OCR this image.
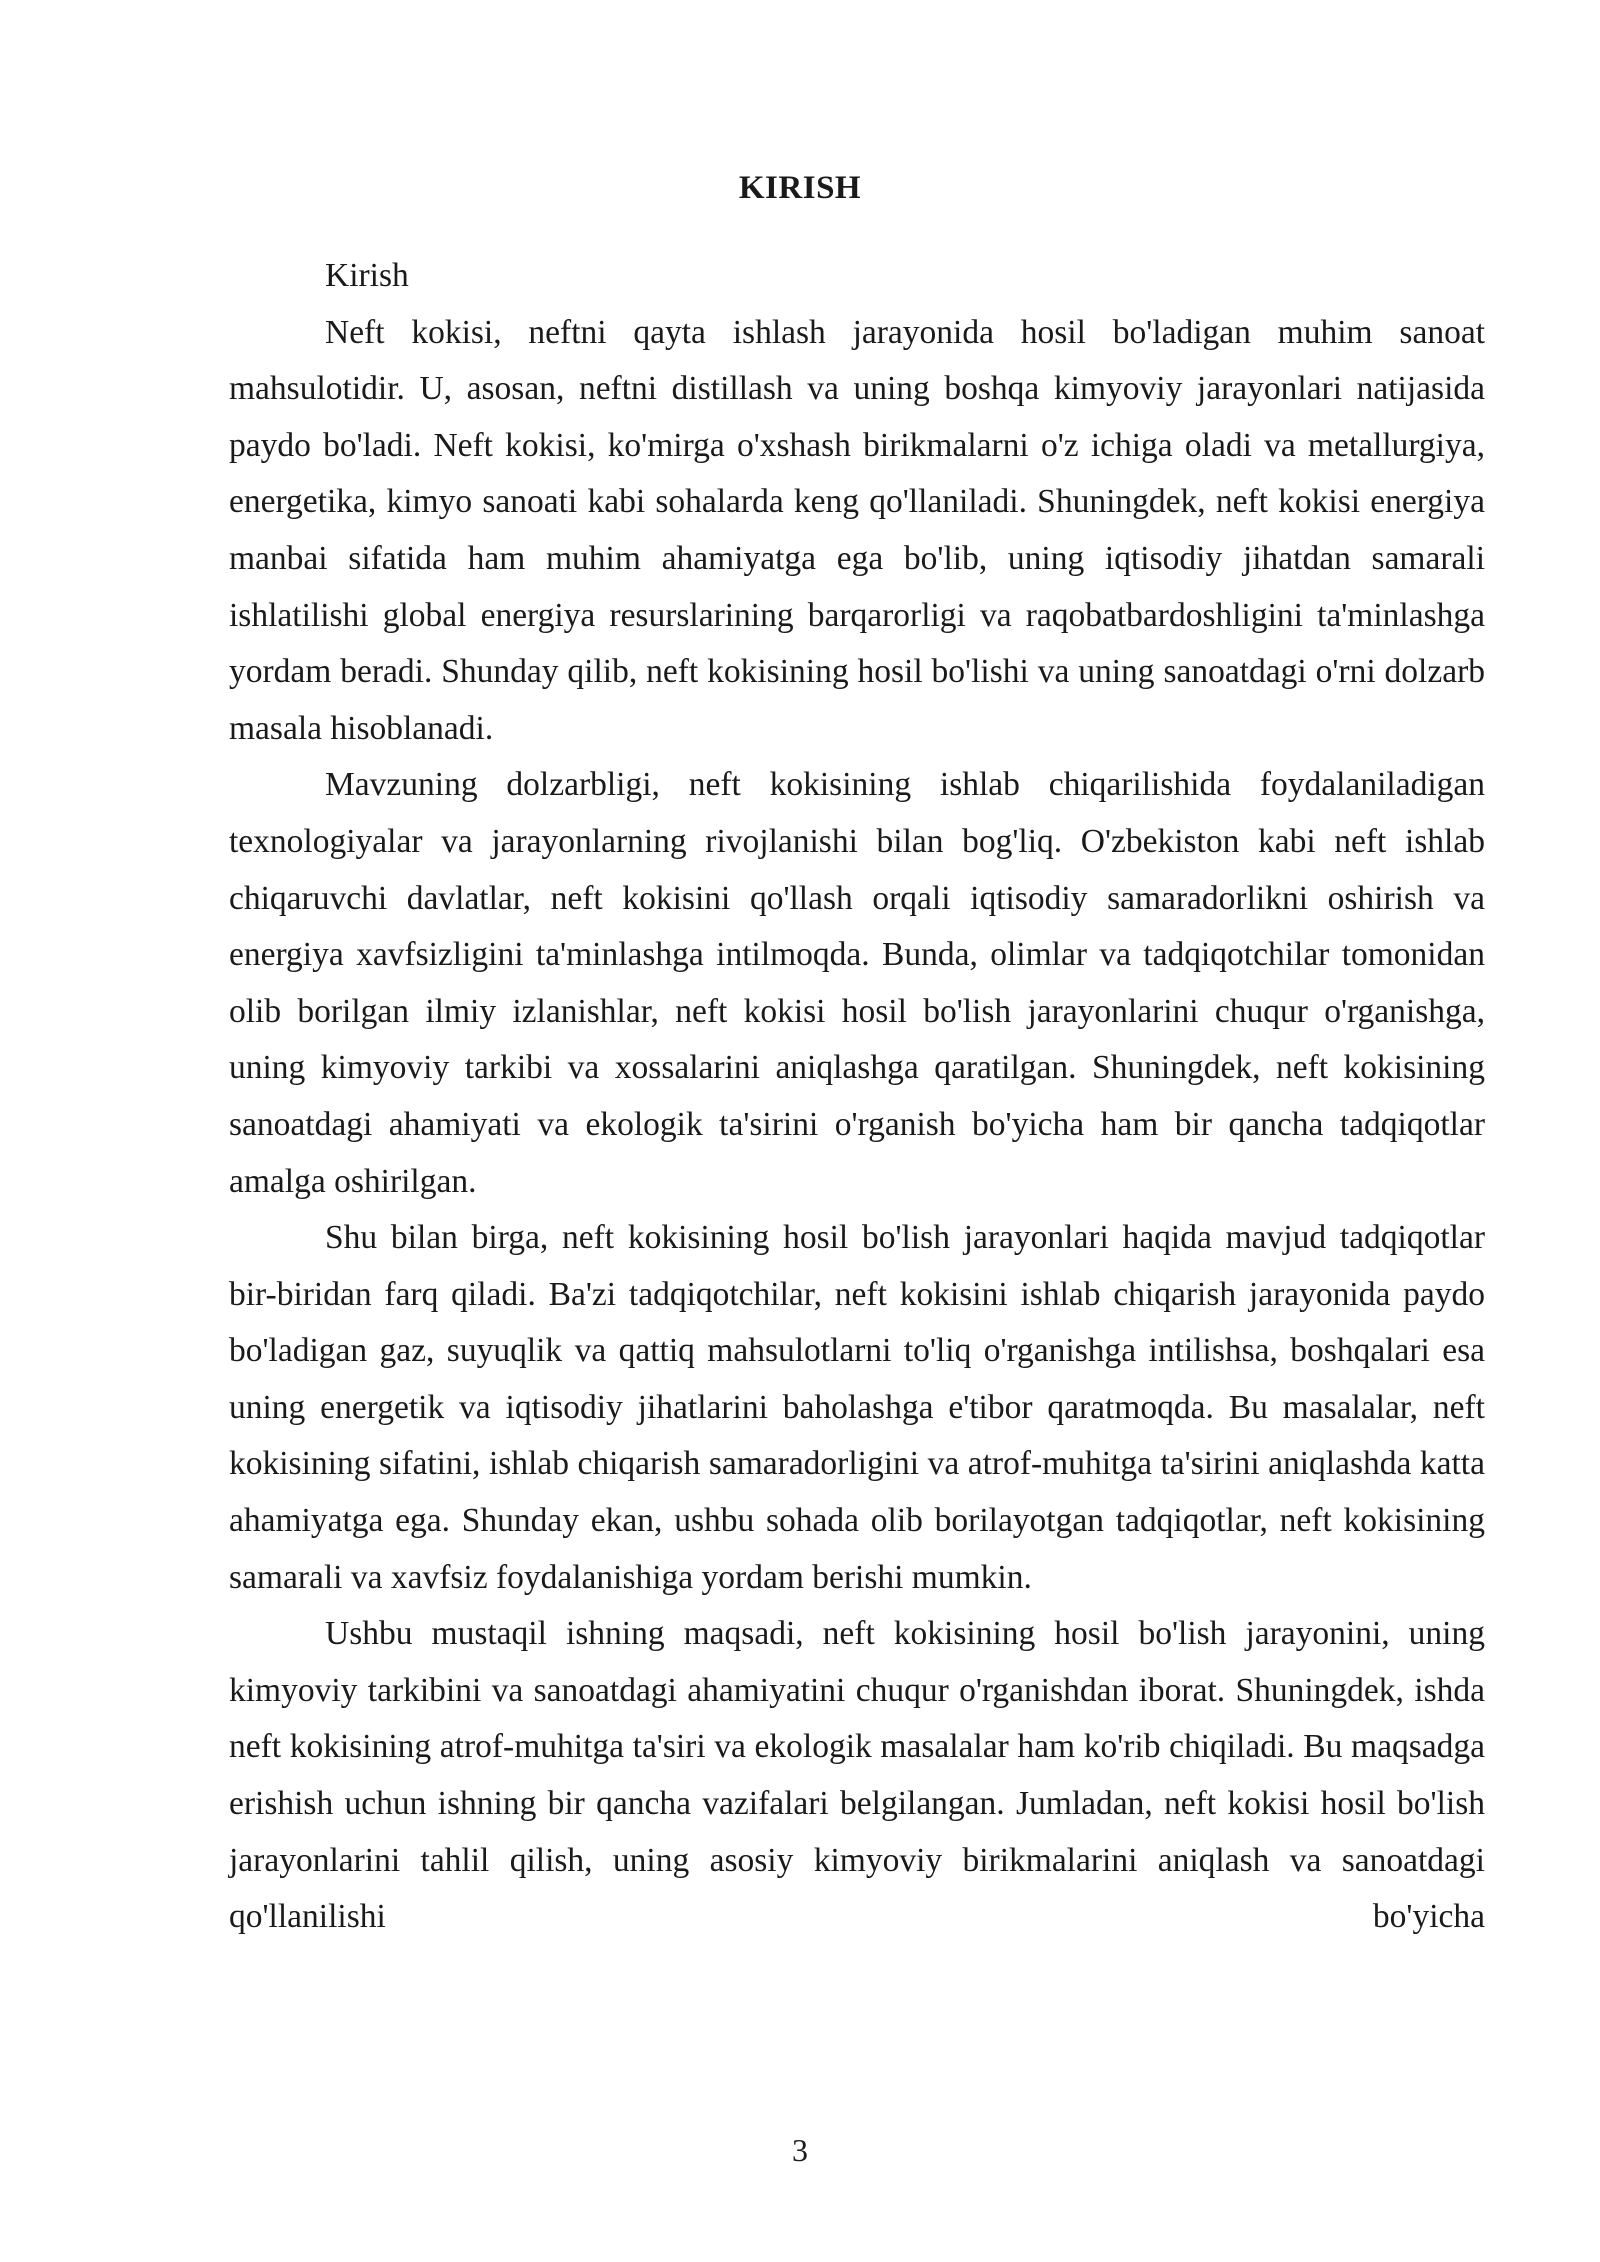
KIRISH

Kirish

Neft kokisi, neftni qayta ishlash jarayonida hosil bo'ladigan muhim sanoat mahsulotidir. U, asosan, neftni distillash va uning boshqa kimyoviy jarayonlari natijasida paydo bo'ladi. Neft kokisi, ko'mirga o'xshash birikmalarni o'z ichiga oladi va metallurgiya, energetika, kimyo sanoati kabi sohalarda keng qo'llaniladi. Shuningdek, neft kokisi energiya manbai sifatida ham muhim ahamiyatga ega bo'lib, uning iqtisodiy jihatdan samarali ishlatilishi global energiya resurslarining barqarorligi va raqobatbardoshligini ta'minlashga yordam beradi. Shunday qilib, neft kokisining hosil bo'lishi va uning sanoatdagi o'rni dolzarb masala hisoblanadi.

Mavzuning dolzarbligi, neft kokisining ishlab chiqarilishida foydalaniladigan texnologiyalar va jarayonlarning rivojlanishi bilan bog'liq. O'zbekiston kabi neft ishlab chiqaruvchi davlatlar, neft kokisini qo'llash orqali iqtisodiy samaradorlikni oshirish va energiya xavfsizligini ta'minlashga intilmoqda. Bunda, olimlar va tadqiqotchilar tomonidan olib borilgan ilmiy izlanishlar, neft kokisi hosil bo'lish jarayonlarini chuqur o'rganishga, uning kimyoviy tarkibi va xossalarini aniqlashga qaratilgan. Shuningdek, neft kokisining sanoatdagi ahamiyati va ekologik ta'sirini o'rganish bo'yicha ham bir qancha tadqiqotlar amalga oshirilgan.

Shu bilan birga, neft kokisining hosil bo'lish jarayonlari haqida mavjud tadqiqotlar bir-biridan farq qiladi. Ba'zi tadqiqotchilar, neft kokisini ishlab chiqarish jarayonida paydo bo'ladigan gaz, suyuqlik va qattiq mahsulotlarni to'liq o'rganishga intilishsa, boshqalari esa uning energetik va iqtisodiy jihatlarini baholashga e'tibor qaratmoqda. Bu masalalar, neft kokisining sifatini, ishlab chiqarish samaradorligini va atrof-muhitga ta'sirini aniqlashda katta ahamiyatga ega. Shunday ekan, ushbu sohada olib borilayotgan tadqiqotlar, neft kokisining samarali va xavfsiz foydalanishiga yordam berishi mumkin.

Ushbu mustaqil ishning maqsadi, neft kokisining hosil bo'lish jarayonini, uning kimyoviy tarkibini va sanoatdagi ahamiyatini chuqur o'rganishdan iborat. Shuningdek, ishda neft kokisining atrof-muhitga ta'siri va ekologik masalalar ham ko'rib chiqiladi. Bu maqsadga erishish uchun ishning bir qancha vazifalari belgilangan. Jumladan, neft kokisi hosil bo'lish jarayonlarini tahlil qilish, uning asosiy kimyoviy birikmalarini aniqlash va sanoatdagi qo'llanilishi bo'yicha

3
